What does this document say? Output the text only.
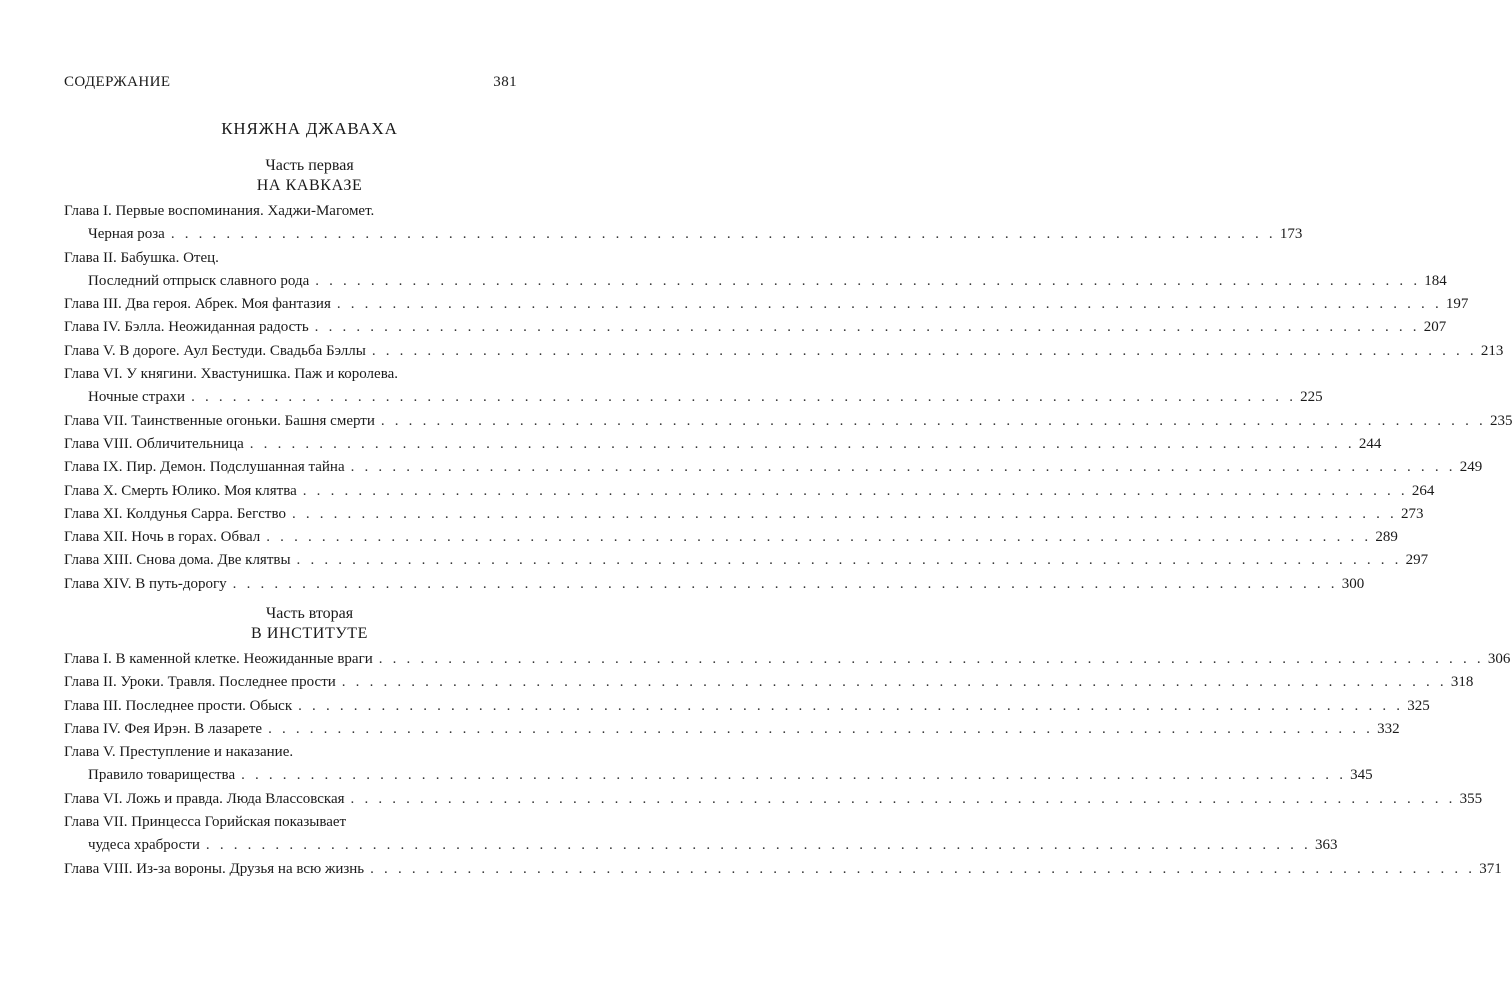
СОДЕРЖАНИЕ	381
КНЯЖНА ДЖАВАХА
Часть первая
НА КАВКАЗЕ
Глава I. Первые воспоминания. Хаджи-Магомет.
Черная роза . . . . . . . . . . . . . . . . . . . . . . . . . . . . . . . . . . . . . . . . . . . . . . . . . . . . . . . . . . . . . . . . . . . . . . . . . . . . . . . . 173
Глава II. Бабушка. Отец.
Последний отпрыск славного рода . . . . . . . . . . . . . . . . . . . . . . . . . . . . . . . . . . . . . . . . . . . . . . . . . . . . . . . . . . . . . . . . . . . . . . . . . . . . . . . . 184
Глава III. Два героя. Абрек. Моя фантазия . . . . . . . . . . . . . . . . . . . . . . . . . . . . . . . . . . . . . . . . . . . . . . . . . . . . . . . . . . . . . . . . . . . . . . . . . . . . . . . . 197
Глава IV. Бэлла. Неожиданная радость . . . . . . . . . . . . . . . . . . . . . . . . . . . . . . . . . . . . . . . . . . . . . . . . . . . . . . . . . . . . . . . . . . . . . . . . . . . . . . . . 207
Глава V. В дороге. Аул Бестуди. Свадьба Бэллы . . . . . . . . . . . . . . . . . . . . . . . . . . . . . . . . . . . . . . . . . . . . . . . . . . . . . . . . . . . . . . . . . . . . . . . . . . . . . . . . 213
Глава VI. У княгини. Хвастунишка. Паж и королева.
Ночные страхи . . . . . . . . . . . . . . . . . . . . . . . . . . . . . . . . . . . . . . . . . . . . . . . . . . . . . . . . . . . . . . . . . . . . . . . . . . . . . . . . 225
Глава VII. Таинственные огоньки. Башня смерти . . . . . . . . . . . . . . . . . . . . . . . . . . . . . . . . . . . . . . . . . . . . . . . . . . . . . . . . . . . . . . . . . . . . . . . . . . . . . . . . 235
Глава VIII. Обличительница . . . . . . . . . . . . . . . . . . . . . . . . . . . . . . . . . . . . . . . . . . . . . . . . . . . . . . . . . . . . . . . . . . . . . . . . . . . . . . . . 244
Глава IX. Пир. Демон. Подслушанная тайна . . . . . . . . . . . . . . . . . . . . . . . . . . . . . . . . . . . . . . . . . . . . . . . . . . . . . . . . . . . . . . . . . . . . . . . . . . . . . . . . 249
Глава X. Смерть Юлико. Моя клятва . . . . . . . . . . . . . . . . . . . . . . . . . . . . . . . . . . . . . . . . . . . . . . . . . . . . . . . . . . . . . . . . . . . . . . . . . . . . . . . . 264
Глава XI. Колдунья Сарра. Бегство . . . . . . . . . . . . . . . . . . . . . . . . . . . . . . . . . . . . . . . . . . . . . . . . . . . . . . . . . . . . . . . . . . . . . . . . . . . . . . . . 273
Глава XII. Ночь в горах. Обвал . . . . . . . . . . . . . . . . . . . . . . . . . . . . . . . . . . . . . . . . . . . . . . . . . . . . . . . . . . . . . . . . . . . . . . . . . . . . . . . . 289
Глава XIII. Снова дома. Две клятвы . . . . . . . . . . . . . . . . . . . . . . . . . . . . . . . . . . . . . . . . . . . . . . . . . . . . . . . . . . . . . . . . . . . . . . . . . . . . . . . . 297
Глава XIV. В путь-дорогу . . . . . . . . . . . . . . . . . . . . . . . . . . . . . . . . . . . . . . . . . . . . . . . . . . . . . . . . . . . . . . . . . . . . . . . . . . . . . . . . 300
Часть вторая
В ИНСТИТУТЕ
Глава I. В каменной клетке. Неожиданные враги . . . . . . . . . . . . . . . . . . . . . . . . . . . . . . . . . . . . . . . . . . . . . . . . . . . . . . . . . . . . . . . . . . . . . . . . . . . . . . . . 306
Глава II. Уроки. Травля. Последнее прости . . . . . . . . . . . . . . . . . . . . . . . . . . . . . . . . . . . . . . . . . . . . . . . . . . . . . . . . . . . . . . . . . . . . . . . . . . . . . . . . 318
Глава III. Последнее прости. Обыск . . . . . . . . . . . . . . . . . . . . . . . . . . . . . . . . . . . . . . . . . . . . . . . . . . . . . . . . . . . . . . . . . . . . . . . . . . . . . . . . 325
Глава IV. Фея Ирэн. В лазарете . . . . . . . . . . . . . . . . . . . . . . . . . . . . . . . . . . . . . . . . . . . . . . . . . . . . . . . . . . . . . . . . . . . . . . . . . . . . . . . . 332
Глава V. Преступление и наказание.
Правило товарищества . . . . . . . . . . . . . . . . . . . . . . . . . . . . . . . . . . . . . . . . . . . . . . . . . . . . . . . . . . . . . . . . . . . . . . . . . . . . . . . . 345
Глава VI. Ложь и правда. Люда Влассовская . . . . . . . . . . . . . . . . . . . . . . . . . . . . . . . . . . . . . . . . . . . . . . . . . . . . . . . . . . . . . . . . . . . . . . . . . . . . . . . . 355
Глава VII. Принцесса Горийская показывает
чудеса храбрости . . . . . . . . . . . . . . . . . . . . . . . . . . . . . . . . . . . . . . . . . . . . . . . . . . . . . . . . . . . . . . . . . . . . . . . . . . . . . . . . 363
Глава VIII. Из-за вороны. Друзья на всю жизнь . . . . . . . . . . . . . . . . . . . . . . . . . . . . . . . . . . . . . . . . . . . . . . . . . . . . . . . . . . . . . . . . . . . . . . . . . . . . . . . . 371
